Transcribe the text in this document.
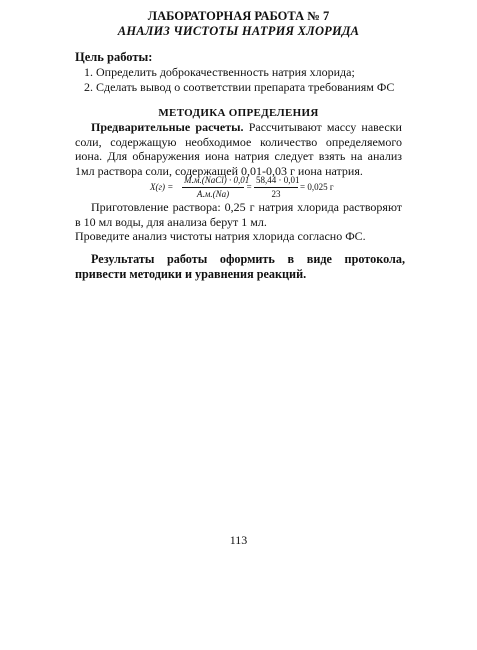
ЛАБОРАТОРНАЯ РАБОТА № 7
АНАЛИЗ ЧИСТОТЫ НАТРИЯ ХЛОРИДА
Цель работы:
1. Определить доброкачественность натрия хлорида;
2. Сделать вывод о соответствии препарата требованиям ФС
МЕТОДИКА ОПРЕДЕЛЕНИЯ
Предварительные расчеты. Рассчитывают массу навески соли, содержащую необходимое количество определяемого иона. Для обнаружения иона натрия следует взять на анализ 1мл раствора соли, содержащей 0,01-0,03 г иона натрия.
X(г) =
М.м.(NaCl) · 0,01
А.м.(Na)
=
58,44 · 0,01
23
= 0,025 г
Приготовление раствора: 0,25 г натрия хлорида растворяют в 10 мл воды, для анализа берут 1 мл.
Проведите анализ чистоты натрия хлорида согласно ФС.
Результаты работы оформить в виде протокола, привести методики и уравнения реакций.
113
